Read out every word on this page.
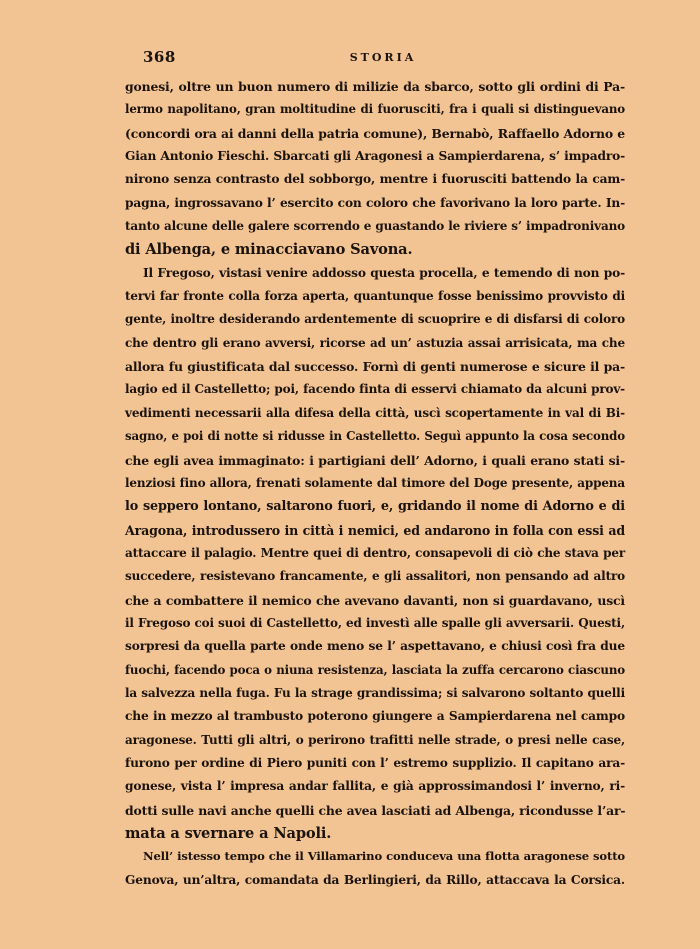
368	STORIA
gonesi, oltre un buon numero di milizie da sbarco, sotto gli ordini di Pa-
lermo napolitano, gran moltitudine di fuorusciti, fra i quali si distinguevano
(concordi ora ai danni della patria comune), Bernabò, Raffaello Adorno e
Gian Antonio Fieschi. Sbarcati gli Aragonesi a Sampierdarena, s’ impadro-
nirono senza contrasto del sobborgo, mentre i fuorusciti battendo la cam-
pagna, ingrossavano l’ esercito con coloro che favorivano la loro parte. In-
tanto alcune delle galere scorrendo e guastando le riviere s’ impadronivano
di Albenga, e minacciavano Savona.
Il Fregoso, vistasi venire addosso questa procella, e temendo di non po-
tervi far fronte colla forza aperta, quantunque fosse benissimo provvisto di
gente, inoltre desiderando ardentemente di scuoprire e di disfarsi di coloro
che dentro gli erano avversi, ricorse ad un’ astuzia assai arrisicata, ma che
allora fu giustificata dal successo. Fornì di genti numerose e sicure il pa-
lagio ed il Castelletto; poi, facendo finta di esservi chiamato da alcuni prov-
vedimenti necessarii alla difesa della città, uscì scopertamente in val di Bi-
sagno, e poi di notte si ridusse in Castelletto. Seguì appunto la cosa secondo
che egli avea immaginato: i partigiani dell’ Adorno, i quali erano stati si-
lenziosi fino allora, frenati solamente dal timore del Doge presente, appena
lo seppero lontano, saltarono fuori, e, gridando il nome di Adorno e di
Aragona, introdussero in città i nemici, ed andarono in folla con essi ad
attaccare il palagio. Mentre quei di dentro, consapevoli di ciò che stava per
succedere, resistevano francamente, e gli assalitori, non pensando ad altro
che a combattere il nemico che avevano davanti, non si guardavano, uscì
il Fregoso coi suoi di Castelletto, ed investì alle spalle gli avversarii. Questi,
sorpresi da quella parte onde meno se l’ aspettavano, e chiusi così fra due
fuochi, facendo poca o niuna resistenza, lasciata la zuffa cercarono ciascuno
la salvezza nella fuga. Fu la strage grandissima; si salvarono soltanto quelli
che in mezzo al trambusto poterono giungere a Sampierdarena nel campo
aragonese. Tutti gli altri, o perirono trafitti nelle strade, o presi nelle case,
furono per ordine di Piero puniti con l’ estremo supplizio. Il capitano ara-
gonese, vista l’ impresa andar fallita, e già approssimandosi l’ inverno, ri-
dotti sulle navi anche quelli che avea lasciati ad Albenga, ricondusse l’ar-
mata a svernare a Napoli.
Nell’ istesso tempo che il Villamarino conduceva una flotta aragonese sotto
Genova, un’altra, comandata da Berlingieri, da Rillo, attaccava la Corsica.
